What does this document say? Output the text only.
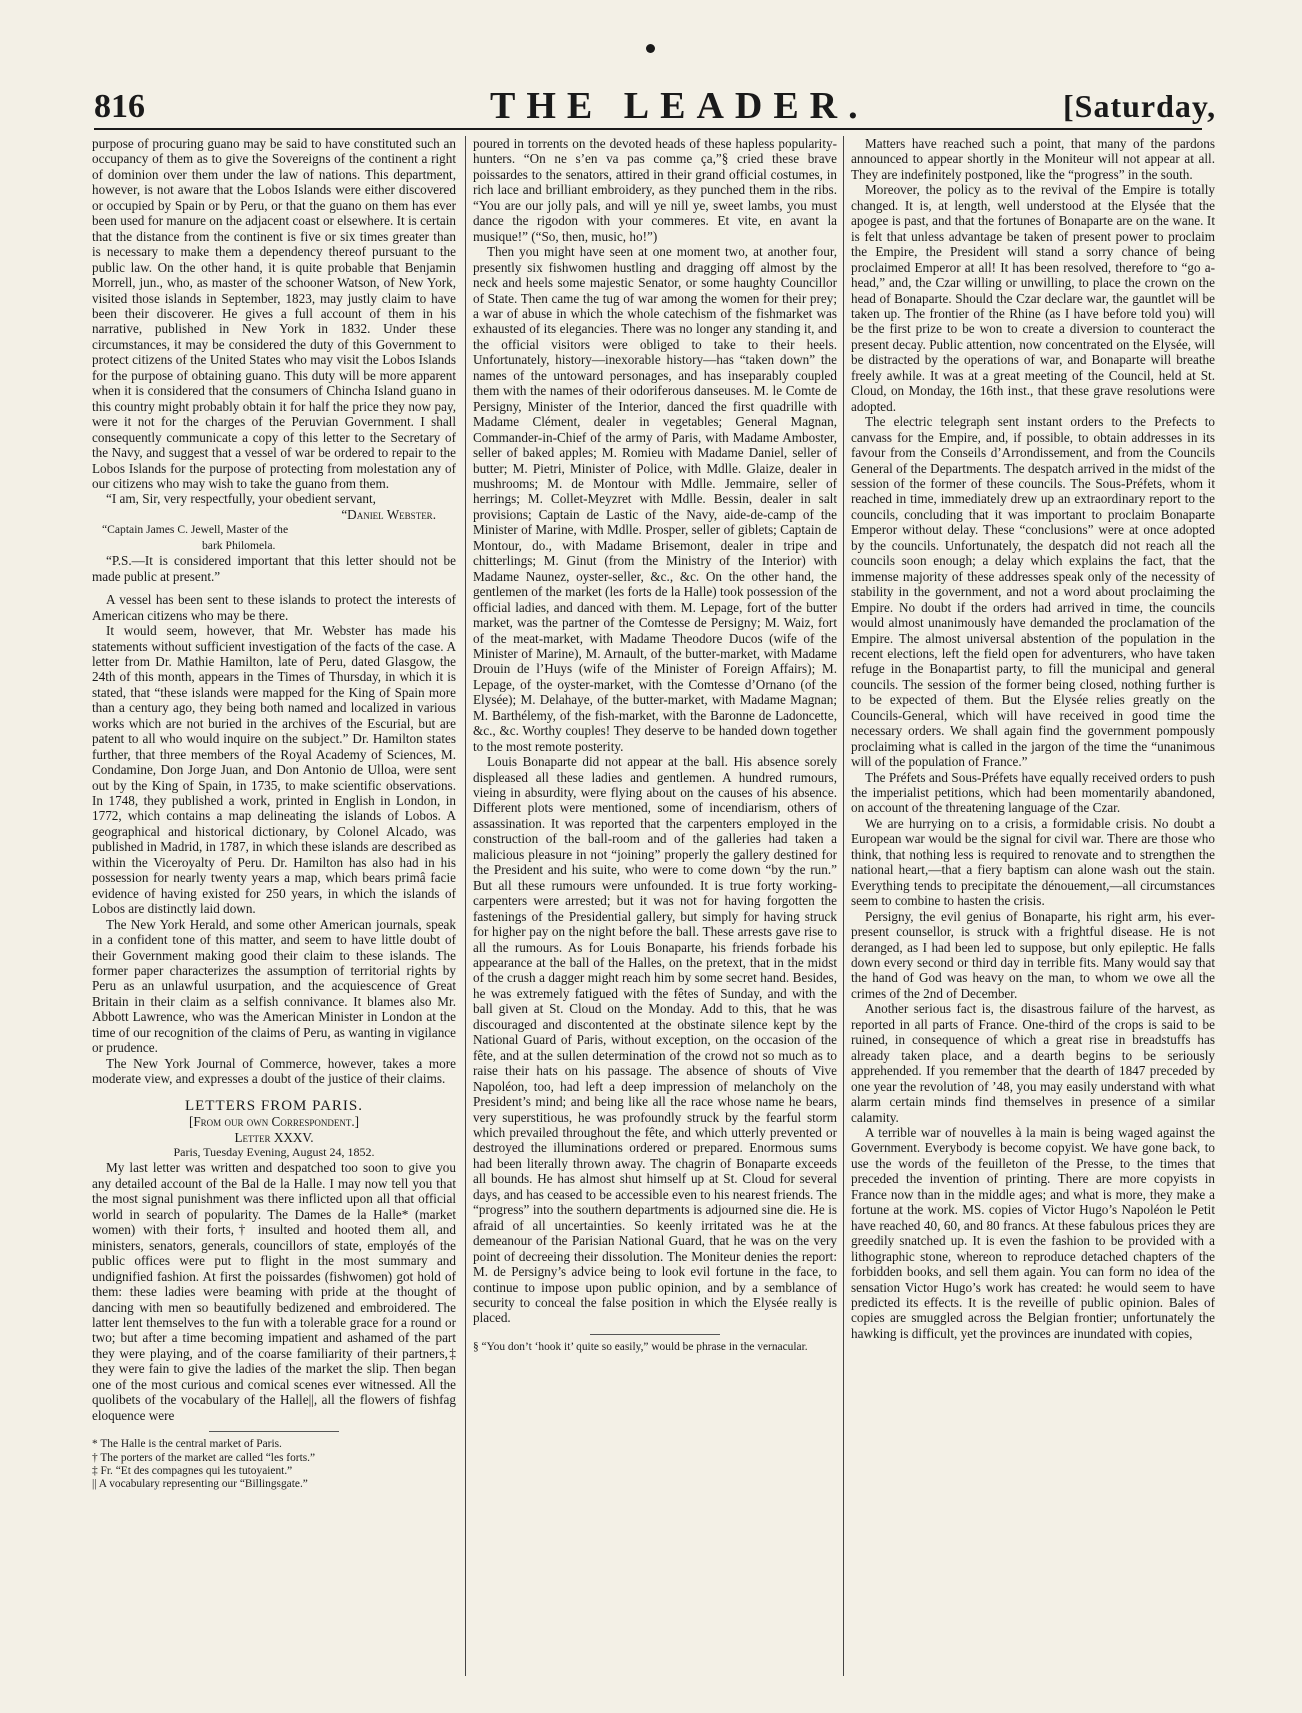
816	THE LEADER.	[Saturday,

purpose of procuring guano may be said to have constituted such an occupancy of them as to give the Sovereigns of the continent a right of dominion over them under the law of nations. This department, however, is not aware that the Lobos Islands were either discovered or occupied by Spain or by Peru, or that the guano on them has ever been used for manure on the adjacent coast or elsewhere. It is certain that the distance from the continent is five or six times greater than is necessary to make them a dependency thereof pursuant to the public law. On the other hand, it is quite probable that Benjamin Morrell, jun., who, as master of the schooner Watson, of New York, visited those islands in September, 1823, may justly claim to have been their discoverer. He gives a full account of them in his narrative, published in New York in 1832. Under these circumstances, it may be considered the duty of this Government to protect citizens of the United States who may visit the Lobos Islands for the purpose of obtaining guano. This duty will be more apparent when it is considered that the consumers of Chincha Island guano in this country might probably obtain it for half the price they now pay, were it not for the charges of the Peruvian Government. I shall consequently communicate a copy of this letter to the Secretary of the Navy, and suggest that a vessel of war be ordered to repair to the Lobos Islands for the purpose of protecting from molestation any of our citizens who may wish to take the guano from them.

“I am, Sir, very respectfully, your obedient servant,

“Daniel Webster.

“Captain James C. Jewell, Master of the

bark Philomela.

“P.S.—It is considered important that this letter should not be made public at present.”

A vessel has been sent to these islands to protect the interests of American citizens who may be there.

It would seem, however, that Mr. Webster has made his statements without sufficient investigation of the facts of the case. A letter from Dr. Mathie Hamilton, late of Peru, dated Glasgow, the 24th of this month, appears in the Times of Thursday, in which it is stated, that “these islands were mapped for the King of Spain more than a century ago, they being both named and localized in various works which are not buried in the archives of the Escurial, but are patent to all who would inquire on the subject.” Dr. Hamilton states further, that three members of the Royal Academy of Sciences, M. Condamine, Don Jorge Juan, and Don Antonio de Ulloa, were sent out by the King of Spain, in 1735, to make scientific observations. In 1748, they published a work, printed in English in London, in 1772, which contains a map delineating the islands of Lobos. A geographical and historical dictionary, by Colonel Alcado, was published in Madrid, in 1787, in which these islands are described as within the Viceroyalty of Peru. Dr. Hamilton has also had in his possession for nearly twenty years a map, which bears primâ facie evidence of having existed for 250 years, in which the islands of Lobos are distinctly laid down.

The New York Herald, and some other American journals, speak in a confident tone of this matter, and seem to have little doubt of their Government making good their claim to these islands. The former paper characterizes the assumption of territorial rights by Peru as an unlawful usurpation, and the acquiescence of Great Britain in their claim as a selfish connivance. It blames also Mr. Abbott Lawrence, who was the American Minister in London at the time of our recognition of the claims of Peru, as wanting in vigilance or prudence.

The New York Journal of Commerce, however, takes a more moderate view, and expresses a doubt of the justice of their claims.

LETTERS FROM PARIS.

[From our own Correspondent.]

Letter XXXV.

Paris, Tuesday Evening, August 24, 1852.

My last letter was written and despatched too soon to give you any detailed account of the Bal de la Halle. I may now tell you that the most signal punishment was there inflicted upon all that official world in search of popularity. The Dames de la Halle* (market women) with their forts,† insulted and hooted them all, and ministers, senators, generals, councillors of state, employés of the public offices were put to flight in the most summary and undignified fashion. At first the poissardes (fishwomen) got hold of them: these ladies were beaming with pride at the thought of dancing with men so beautifully bedizened and embroidered. The latter lent themselves to the fun with a tolerable grace for a round or two; but after a time becoming impatient and ashamed of the part they were playing, and of the coarse familiarity of their partners,‡ they were fain to give the ladies of the market the slip. Then began one of the most curious and comical scenes ever witnessed. All the quolibets of the vocabulary of the Halle||, all the flowers of fishfag eloquence were

* The Halle is the central market of Paris.

† The porters of the market are called “les forts.”

‡ Fr. “Et des compagnes qui les tutoyaient.”

|| A vocabulary representing our “Billingsgate.”

poured in torrents on the devoted heads of these hapless popularity-hunters. “On ne s’en va pas comme ça,”§ cried these brave poissardes to the senators, attired in their grand official costumes, in rich lace and brilliant embroidery, as they punched them in the ribs. “You are our jolly pals, and will ye nill ye, sweet lambs, you must dance the rigodon with your commeres. Et vite, en avant la musique!” (“So, then, music, ho!”)

Then you might have seen at one moment two, at another four, presently six fishwomen hustling and dragging off almost by the neck and heels some majestic Senator, or some haughty Councillor of State. Then came the tug of war among the women for their prey; a war of abuse in which the whole catechism of the fishmarket was exhausted of its elegancies. There was no longer any standing it, and the official visitors were obliged to take to their heels. Unfortunately, history—inexorable history—has “taken down” the names of the untoward personages, and has inseparably coupled them with the names of their odoriferous danseuses. M. le Comte de Persigny, Minister of the Interior, danced the first quadrille with Madame Clément, dealer in vegetables; General Magnan, Commander-in-Chief of the army of Paris, with Madame Amboster, seller of baked apples; M. Romieu with Madame Daniel, seller of butter; M. Pietri, Minister of Police, with Mdlle. Glaize, dealer in mushrooms; M. de Montour with Mdlle. Jemmaire, seller of herrings; M. Collet-Meyzret with Mdlle. Bessin, dealer in salt provisions; Captain de Lastic of the Navy, aide-de-camp of the Minister of Marine, with Mdlle. Prosper, seller of giblets; Captain de Montour, do., with Madame Brisemont, dealer in tripe and chitterlings; M. Ginut (from the Ministry of the Interior) with Madame Naunez, oyster-seller, &c., &c. On the other hand, the gentlemen of the market (les forts de la Halle) took possession of the official ladies, and danced with them. M. Lepage, fort of the butter market, was the partner of the Comtesse de Persigny; M. Waiz, fort of the meat-market, with Madame Theodore Ducos (wife of the Minister of Marine), M. Arnault, of the butter-market, with Madame Drouin de l’Huys (wife of the Minister of Foreign Affairs); M. Lepage, of the oyster-market, with the Comtesse d’Ornano (of the Elysée); M. Delahaye, of the butter-market, with Madame Magnan; M. Barthélemy, of the fish-market, with the Baronne de Ladoncette, &c., &c. Worthy couples! They deserve to be handed down together to the most remote posterity.

Louis Bonaparte did not appear at the ball. His absence sorely displeased all these ladies and gentlemen. A hundred rumours, vieing in absurdity, were flying about on the causes of his absence. Different plots were mentioned, some of incendiarism, others of assassination. It was reported that the carpenters employed in the construction of the ball-room and of the galleries had taken a malicious pleasure in not “joining” properly the gallery destined for the President and his suite, who were to come down “by the run.” But all these rumours were unfounded. It is true forty working-carpenters were arrested; but it was not for having forgotten the fastenings of the Presidential gallery, but simply for having struck for higher pay on the night before the ball. These arrests gave rise to all the rumours. As for Louis Bonaparte, his friends forbade his appearance at the ball of the Halles, on the pretext, that in the midst of the crush a dagger might reach him by some secret hand. Besides, he was extremely fatigued with the fêtes of Sunday, and with the ball given at St. Cloud on the Monday. Add to this, that he was discouraged and discontented at the obstinate silence kept by the National Guard of Paris, without exception, on the occasion of the fête, and at the sullen determination of the crowd not so much as to raise their hats on his passage. The absence of shouts of Vive Napoléon, too, had left a deep impression of melancholy on the President’s mind; and being like all the race whose name he bears, very superstitious, he was profoundly struck by the fearful storm which prevailed throughout the fête, and which utterly prevented or destroyed the illuminations ordered or prepared. Enormous sums had been literally thrown away. The chagrin of Bonaparte exceeds all bounds. He has almost shut himself up at St. Cloud for several days, and has ceased to be accessible even to his nearest friends. The “progress” into the southern departments is adjourned sine die. He is afraid of all uncertainties. So keenly irritated was he at the demeanour of the Parisian National Guard, that he was on the very point of decreeing their dissolution. The Moniteur denies the report: M. de Persigny’s advice being to look evil fortune in the face, to continue to impose upon public opinion, and by a semblance of security to conceal the false position in which the Elysée really is placed.

§ “You don’t ‘hook it’ quite so easily,” would be phrase in the vernacular.

Matters have reached such a point, that many of the pardons announced to appear shortly in the Moniteur will not appear at all. They are indefinitely postponed, like the “progress” in the south.

Moreover, the policy as to the revival of the Empire is totally changed. It is, at length, well understood at the Elysée that the apogee is past, and that the fortunes of Bonaparte are on the wane. It is felt that unless advantage be taken of present power to proclaim the Empire, the President will stand a sorry chance of being proclaimed Emperor at all! It has been resolved, therefore to “go a-head,” and, the Czar willing or unwilling, to place the crown on the head of Bonaparte. Should the Czar declare war, the gauntlet will be taken up. The frontier of the Rhine (as I have before told you) will be the first prize to be won to create a diversion to counteract the present decay. Public attention, now concentrated on the Elysée, will be distracted by the operations of war, and Bonaparte will breathe freely awhile. It was at a great meeting of the Council, held at St. Cloud, on Monday, the 16th inst., that these grave resolutions were adopted.

The electric telegraph sent instant orders to the Prefects to canvass for the Empire, and, if possible, to obtain addresses in its favour from the Conseils d’Arrondissement, and from the Councils General of the Departments. The despatch arrived in the midst of the session of the former of these councils. The Sous-Préfets, whom it reached in time, immediately drew up an extraordinary report to the councils, concluding that it was important to proclaim Bonaparte Emperor without delay. These “conclusions” were at once adopted by the councils. Unfortunately, the despatch did not reach all the councils soon enough; a delay which explains the fact, that the immense majority of these addresses speak only of the necessity of stability in the government, and not a word about proclaiming the Empire. No doubt if the orders had arrived in time, the councils would almost unanimously have demanded the proclamation of the Empire. The almost universal abstention of the population in the recent elections, left the field open for adventurers, who have taken refuge in the Bonapartist party, to fill the municipal and general councils. The session of the former being closed, nothing further is to be expected of them. But the Elysée relies greatly on the Councils-General, which will have received in good time the necessary orders. We shall again find the government pompously proclaiming what is called in the jargon of the time the “unanimous will of the population of France.”

The Préfets and Sous-Préfets have equally received orders to push the imperialist petitions, which had been momentarily abandoned, on account of the threatening language of the Czar.

We are hurrying on to a crisis, a formidable crisis. No doubt a European war would be the signal for civil war. There are those who think, that nothing less is required to renovate and to strengthen the national heart,—that a fiery baptism can alone wash out the stain. Everything tends to precipitate the dénouement,—all circumstances seem to combine to hasten the crisis.

Persigny, the evil genius of Bonaparte, his right arm, his ever-present counsellor, is struck with a frightful disease. He is not deranged, as I had been led to suppose, but only epileptic. He falls down every second or third day in terrible fits. Many would say that the hand of God was heavy on the man, to whom we owe all the crimes of the 2nd of December.

Another serious fact is, the disastrous failure of the harvest, as reported in all parts of France. One-third of the crops is said to be ruined, in consequence of which a great rise in breadstuffs has already taken place, and a dearth begins to be seriously apprehended. If you remember that the dearth of 1847 preceded by one year the revolution of ’48, you may easily understand with what alarm certain minds find themselves in presence of a similar calamity.

A terrible war of nouvelles à la main is being waged against the Government. Everybody is become copyist. We have gone back, to use the words of the feuilleton of the Presse, to the times that preceded the invention of printing. There are more copyists in France now than in the middle ages; and what is more, they make a fortune at the work. MS. copies of Victor Hugo’s Napoléon le Petit have reached 40, 60, and 80 francs. At these fabulous prices they are greedily snatched up. It is even the fashion to be provided with a lithographic stone, whereon to reproduce detached chapters of the forbidden books, and sell them again. You can form no idea of the sensation Victor Hugo’s work has created: he would seem to have predicted its effects. It is the reveille of public opinion. Bales of copies are smuggled across the Belgian frontier; unfortunately the hawking is difficult, yet the provinces are inundated with copies,
